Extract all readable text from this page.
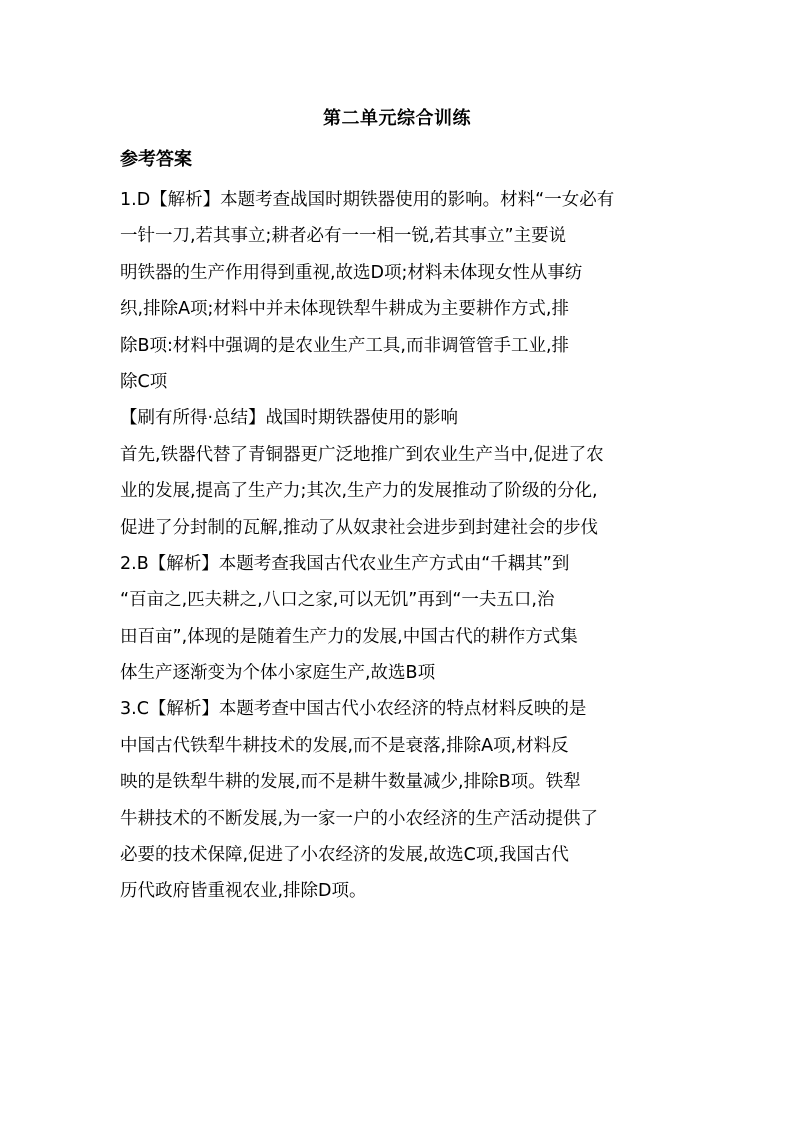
第二单元综合训练
参考答案
1.D【解析】本题考查战国时期铁器使用的影响。材料“一女必有
一针一刀,若其事立;耕者必有一一相一锐,若其事立”主要说
明铁器的生产作用得到重视,故选D项;材料未体现女性从事纺
织,排除A项;材料中并未体现铁犁牛耕成为主要耕作方式,排
除B项:材料中强调的是农业生产工具,而非调管管手工业,排
除C项
【刷有所得·总结】战国时期铁器使用的影响
首先,铁器代替了青铜器更广泛地推广到农业生产当中,促进了农
业的发展,提高了生产力;其次,生产力的发展推动了阶级的分化,
促进了分封制的瓦解,推动了从奴隶社会进步到封建社会的步伐
2.B【解析】本题考查我国古代农业生产方式由“千耦其”到
“百亩之,匹夫耕之,八口之家,可以无饥”再到“一夫五口,治
田百亩”,体现的是随着生产力的发展,中国古代的耕作方式集
体生产逐渐变为个体小家庭生产,故选B项
3.C【解析】本题考查中国古代小农经济的特点材料反映的是
中国古代铁犁牛耕技术的发展,而不是衰落,排除A项,材料反
映的是铁犁牛耕的发展,而不是耕牛数量减少,排除B项。铁犁
牛耕技术的不断发展,为一家一户的小农经济的生产活动提供了
必要的技术保障,促进了小农经济的发展,故选C项,我国古代
历代政府皆重视农业,排除D项。
